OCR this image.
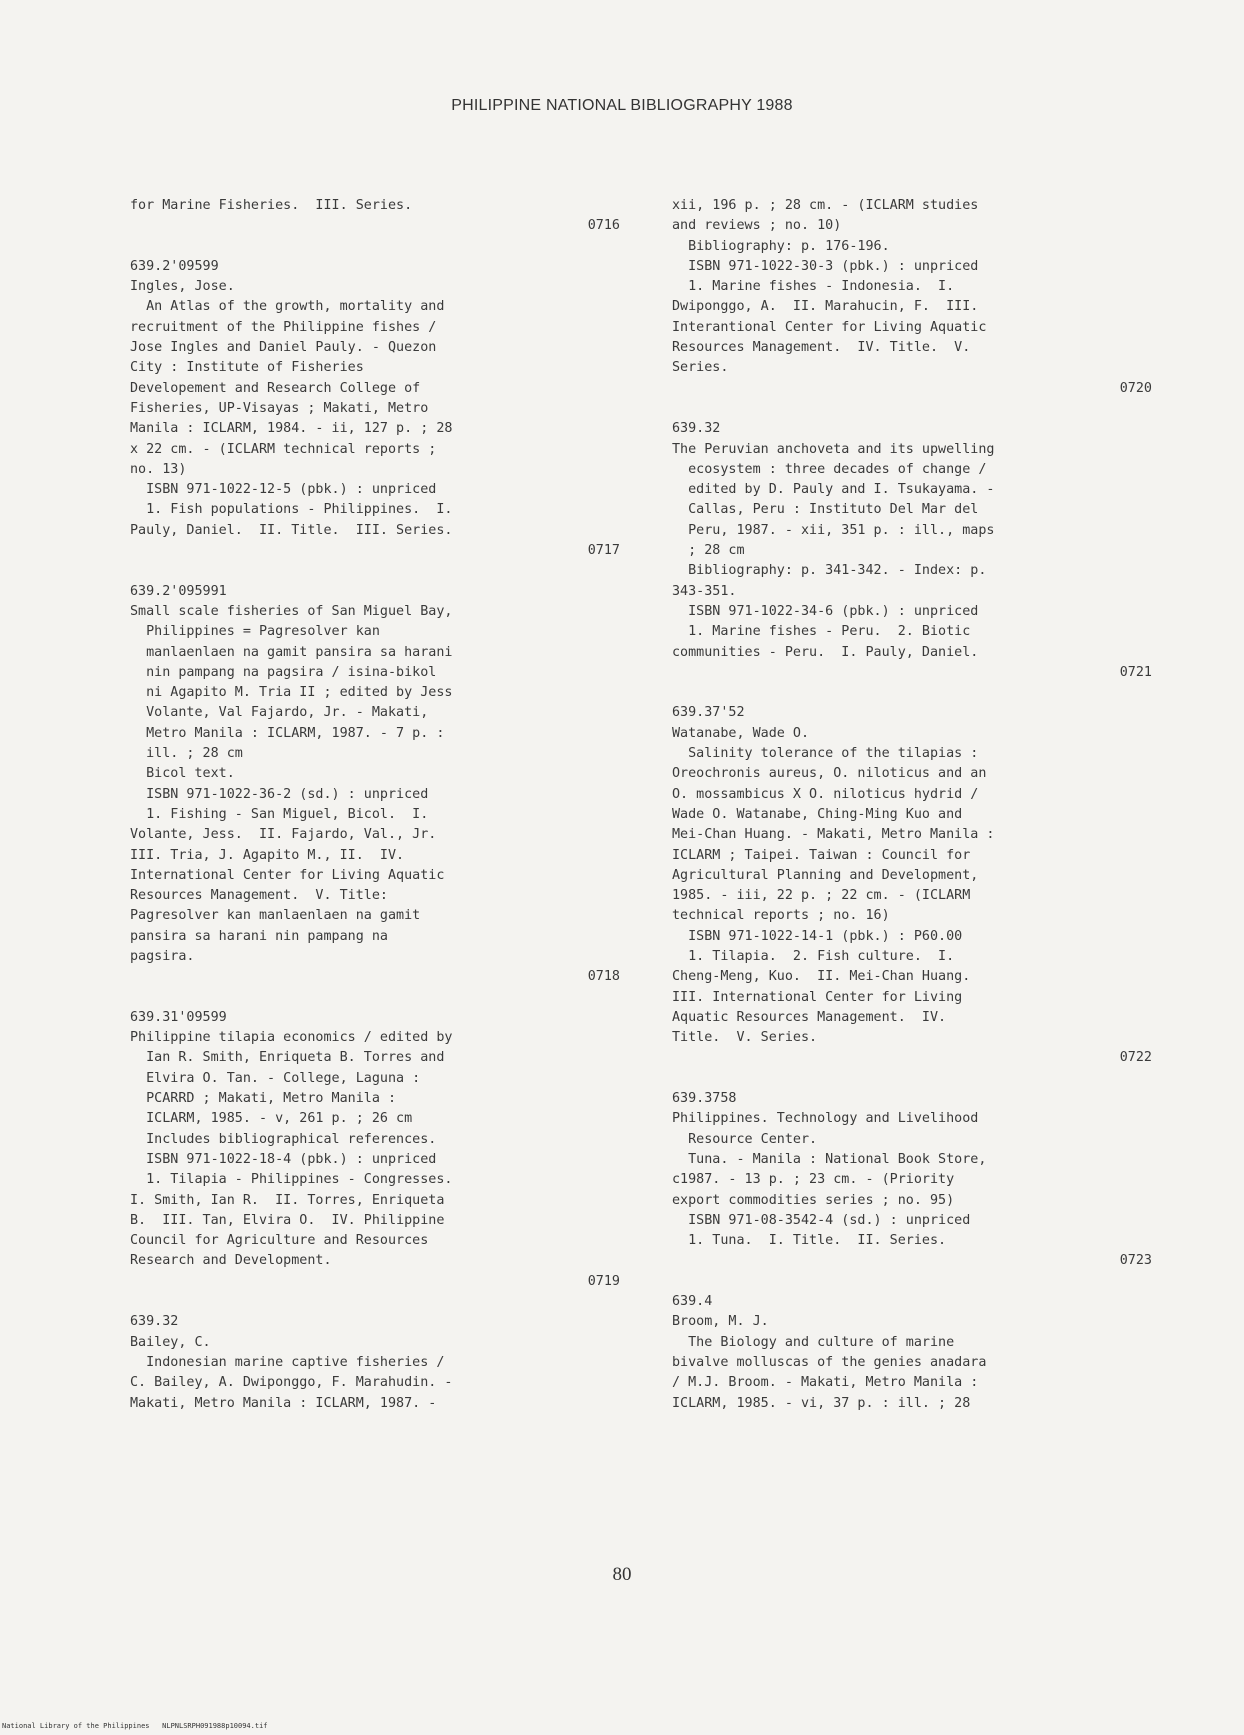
PHILIPPINE NATIONAL BIBLIOGRAPHY 1988
for Marine Fisheries.  III. Series.
0716
639.2'09599
Ingles, Jose.
An Atlas of the growth, mortality and
recruitment of the Philippine fishes /
Jose Ingles and Daniel Pauly. - Quezon
City : Institute of Fisheries
Developement and Research College of
Fisheries, UP-Visayas ; Makati, Metro
Manila : ICLARM, 1984. - ii, 127 p. ; 28
x 22 cm. - (ICLARM technical reports ;
no. 13)
ISBN 971-1022-12-5 (pbk.) : unpriced
1. Fish populations - Philippines.  I.
Pauly, Daniel.  II. Title.  III. Series.
0717
639.2'095991
Small scale fisheries of San Miguel Bay,
Philippines = Pagresolver kan
manlaenlaen na gamit pansira sa harani
nin pampang na pagsira / isina-bikol
ni Agapito M. Tria II ; edited by Jess
Volante, Val Fajardo, Jr. - Makati,
Metro Manila : ICLARM, 1987. - 7 p. :
ill. ; 28 cm
Bicol text.
ISBN 971-1022-36-2 (sd.) : unpriced
1. Fishing - San Miguel, Bicol.  I.
Volante, Jess.  II. Fajardo, Val., Jr.
III. Tria, J. Agapito M., II.  IV.
International Center for Living Aquatic
Resources Management.  V. Title:
Pagresolver kan manlaenlaen na gamit
pansira sa harani nin pampang na
pagsira.
0718
639.31'09599
Philippine tilapia economics / edited by
Ian R. Smith, Enriqueta B. Torres and
Elvira O. Tan. - College, Laguna :
PCARRD ; Makati, Metro Manila :
ICLARM, 1985. - v, 261 p. ; 26 cm
Includes bibliographical references.
ISBN 971-1022-18-4 (pbk.) : unpriced
1. Tilapia - Philippines - Congresses.
I. Smith, Ian R.  II. Torres, Enriqueta
B.  III. Tan, Elvira O.  IV. Philippine
Council for Agriculture and Resources
Research and Development.
0719
639.32
Bailey, C.
Indonesian marine captive fisheries /
C. Bailey, A. Dwiponggo, F. Marahudin. -
Makati, Metro Manila : ICLARM, 1987. -
xii, 196 p. ; 28 cm. - (ICLARM studies
and reviews ; no. 10)
Bibliography: p. 176-196.
ISBN 971-1022-30-3 (pbk.) : unpriced
1. Marine fishes - Indonesia.  I.
Dwiponggo, A.  II. Marahucin, F.  III.
Interantional Center for Living Aquatic
Resources Management.  IV. Title.  V.
Series.
0720
639.32
The Peruvian anchoveta and its upwelling
ecosystem : three decades of change /
edited by D. Pauly and I. Tsukayama. -
Callas, Peru : Instituto Del Mar del
Peru, 1987. - xii, 351 p. : ill., maps
; 28 cm
Bibliography: p. 341-342. - Index: p.
343-351.
ISBN 971-1022-34-6 (pbk.) : unpriced
1. Marine fishes - Peru.  2. Biotic
communities - Peru.  I. Pauly, Daniel.
0721
639.37'52
Watanabe, Wade O.
Salinity tolerance of the tilapias :
Oreochronis aureus, O. niloticus and an
O. mossambicus X O. niloticus hydrid /
Wade O. Watanabe, Ching-Ming Kuo and
Mei-Chan Huang. - Makati, Metro Manila :
ICLARM ; Taipei. Taiwan : Council for
Agricultural Planning and Development,
1985. - iii, 22 p. ; 22 cm. - (ICLARM
technical reports ; no. 16)
ISBN 971-1022-14-1 (pbk.) : P60.00
1. Tilapia.  2. Fish culture.  I.
Cheng-Meng, Kuo.  II. Mei-Chan Huang.
III. International Center for Living
Aquatic Resources Management.  IV.
Title.  V. Series.
0722
639.3758
Philippines. Technology and Livelihood
Resource Center.
Tuna. - Manila : National Book Store,
c1987. - 13 p. ; 23 cm. - (Priority
export commodities series ; no. 95)
ISBN 971-08-3542-4 (sd.) : unpriced
1. Tuna.  I. Title.  II. Series.
0723
639.4
Broom, M. J.
The Biology and culture of marine
bivalve molluscas of the genies anadara
/ M.J. Broom. - Makati, Metro Manila :
ICLARM, 1985. - vi, 37 p. : ill. ; 28
80
National Library of the Philippines   NLPNLSRPH091988p10094.tif
